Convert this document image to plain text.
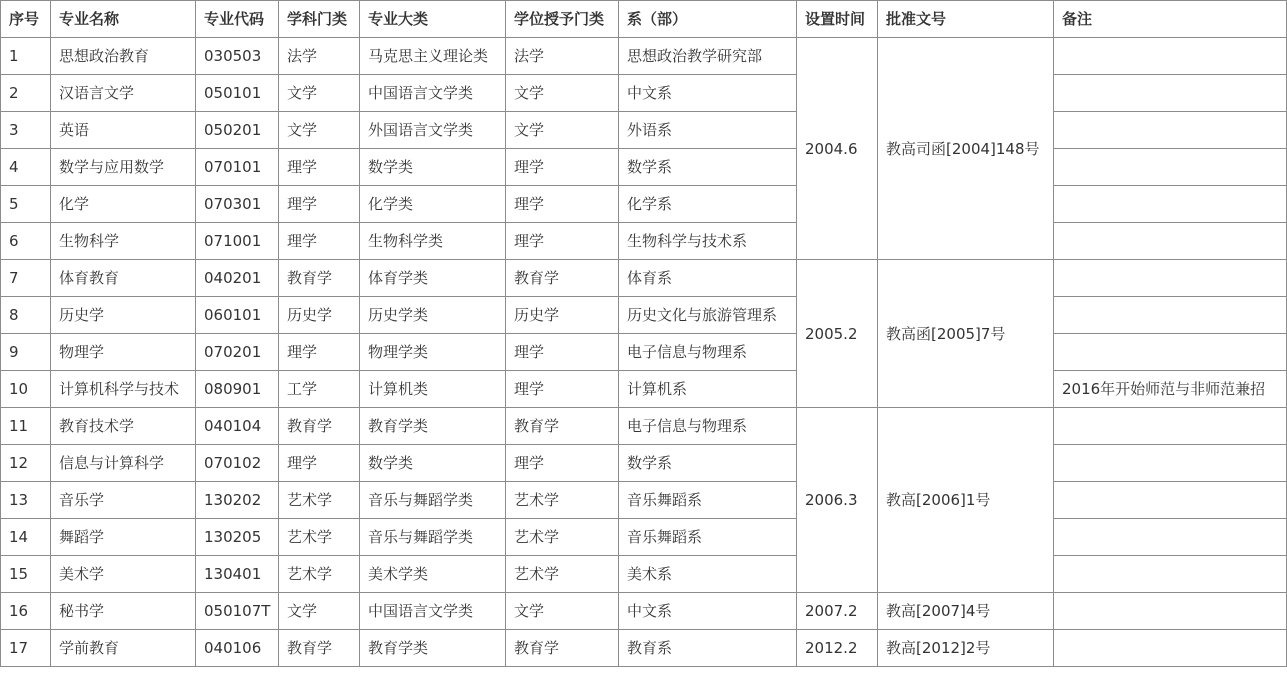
序号	专业名称	专业代码	学科门类	专业大类	学位授予门类	系（部）	设置时间	批准文号	备注
1	思想政治教育	030503	法学	马克思主义理论类	法学	思想政治教学研究部	2004.6	教高司函[2004]148号	
2	汉语言文学	050101	文学	中国语言文学类	文学	中文系			
3	英语	050201	文学	外国语言文学类	文学	外语系			
4	数学与应用数学	070101	理学	数学类	理学	数学系			
5	化学	070301	理学	化学类	理学	化学系			
6	生物科学	071001	理学	生物科学类	理学	生物科学与技术系			
7	体育教育	040201	教育学	体育学类	教育学	体育系	2005.2	教高函[2005]7号	
8	历史学	060101	历史学	历史学类	历史学	历史文化与旅游管理系			
9	物理学	070201	理学	物理学类	理学	电子信息与物理系			
10	计算机科学与技术	080901	工学	计算机类	理学	计算机系			2016年开始师范与非师范兼招
11	教育技术学	040104	教育学	教育学类	教育学	电子信息与物理系	2006.3	教高[2006]1号	
12	信息与计算科学	070102	理学	数学类	理学	数学系			
13	音乐学	130202	艺术学	音乐与舞蹈学类	艺术学	音乐舞蹈系			
14	舞蹈学	130205	艺术学	音乐与舞蹈学类	艺术学	音乐舞蹈系			
15	美术学	130401	艺术学	美术学类	艺术学	美术系			
16	秘书学	050107T	文学	中国语言文学类	文学	中文系	2007.2	教高[2007]4号	
17	学前教育	040106	教育学	教育学类	教育学	教育系	2012.2	教高[2012]2号	
